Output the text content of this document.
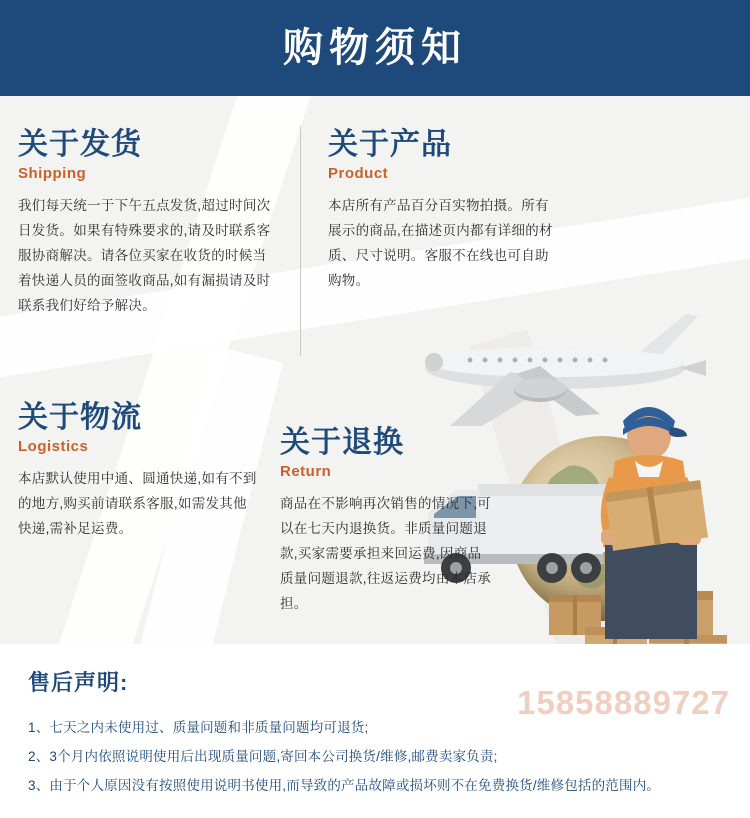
购物须知
关于发货
Shipping
我们每天统一于下午五点发货,超过时间次日发货。如果有特殊要求的,请及时联系客服协商解决。请各位买家在收货的时候当着快递人员的面签收商品,如有漏损请及时联系我们好给予解决。
关于产品
Product
本店所有产品百分百实物拍摄。所有展示的商品,在描述页内都有详细的材质、尺寸说明。客服不在线也可自助购物。
关于物流
Logistics
本店默认使用中通、圆通快递,如有不到的地方,购买前请联系客服,如需发其他快递,需补足运费。
关于退换
Return
商品在不影响再次销售的情况下,可以在七天内退换货。非质量问题退款,买家需要承担来回运费,因商品质量问题退款,往返运费均由本店承担。
售后声明:
1、七天之内未使用过、质量问题和非质量问题均可退货;
2、3个月内依照说明使用后出现质量问题,寄回本公司换货/维修,邮费卖家负责;
3、由于个人原因没有按照使用说明书使用,而导致的产品故障或损坏则不在免费换货/维修包括的范围内。
15858889727
